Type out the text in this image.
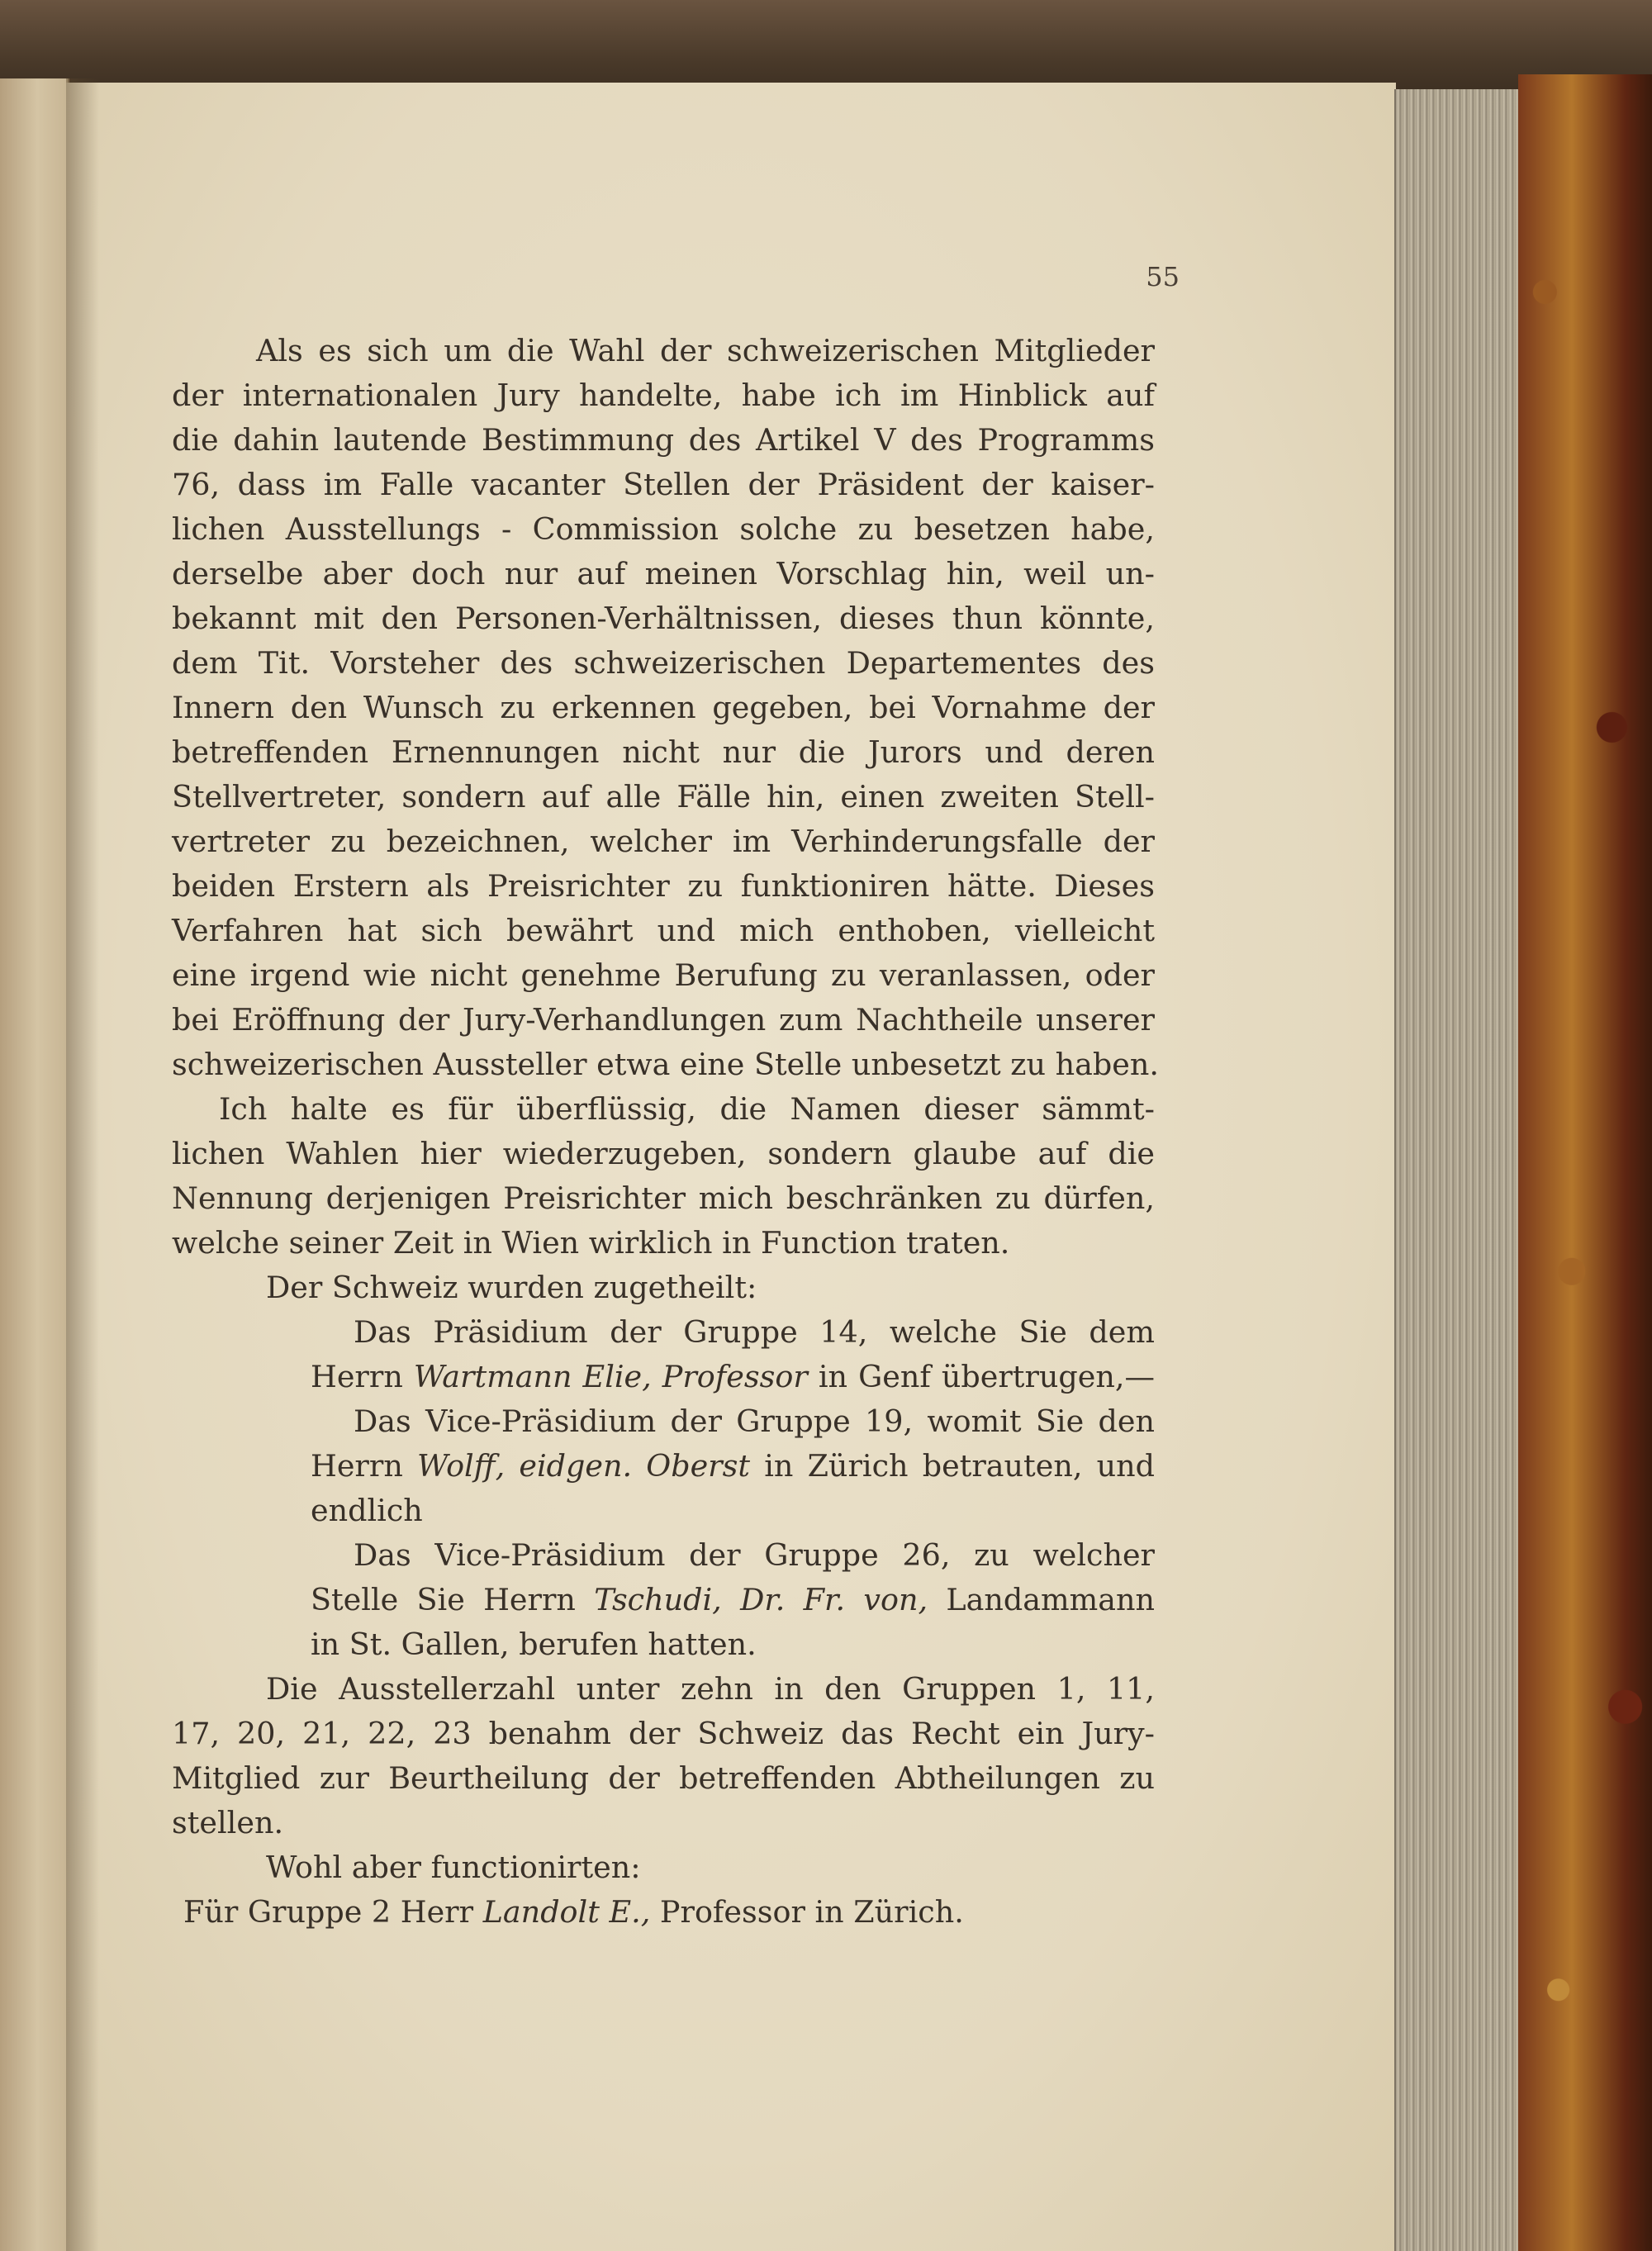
55
Als es sich um die Wahl der schweizerischen Mitglieder
der internationalen Jury handelte, habe ich im Hinblick auf
die dahin lautende Bestimmung des Artikel V des Programms
76, dass im Falle vacanter Stellen der Präsident der kaiser-
lichen Ausstellungs - Commission solche zu besetzen habe,
derselbe aber doch nur auf meinen Vorschlag hin, weil un-
bekannt mit den Personen-Verhältnissen, dieses thun könnte,
dem Tit. Vorsteher des schweizerischen Departementes des
Innern den Wunsch zu erkennen gegeben, bei Vornahme der
betreffenden Ernennungen nicht nur die Jurors und deren
Stellvertreter, sondern auf alle Fälle hin, einen zweiten Stell-
vertreter zu bezeichnen, welcher im Verhinderungsfalle der
beiden Erstern als Preisrichter zu funktioniren hätte. Dieses
Verfahren hat sich bewährt und mich enthoben, vielleicht
eine irgend wie nicht genehme Berufung zu veranlassen, oder
bei Eröffnung der Jury-Verhandlungen zum Nachtheile unserer
schweizerischen Aussteller etwa eine Stelle unbesetzt zu haben.
Ich halte es für überflüssig, die Namen dieser sämmt-
lichen Wahlen hier wiederzugeben, sondern glaube auf die
Nennung derjenigen Preisrichter mich beschränken zu dürfen,
welche seiner Zeit in Wien wirklich in Function traten.
Der Schweiz wurden zugetheilt:
Das Präsidium der Gruppe 14, welche Sie dem
Herrn Wartmann Elie, Professor in Genf übertrugen,—
Das Vice-Präsidium der Gruppe 19, womit Sie den
Herrn Wolff, eidgen. Oberst in Zürich betrauten, und
endlich
Das Vice-Präsidium der Gruppe 26, zu welcher
Stelle Sie Herrn Tschudi, Dr. Fr. von, Landammann
in St. Gallen, berufen hatten.
Die Ausstellerzahl unter zehn in den Gruppen 1, 11,
17, 20, 21, 22, 23 benahm der Schweiz das Recht ein Jury-
Mitglied zur Beurtheilung der betreffenden Abtheilungen zu
stellen.
Wohl aber functionirten:
Für Gruppe 2 Herr Landolt E., Professor in Zürich.
